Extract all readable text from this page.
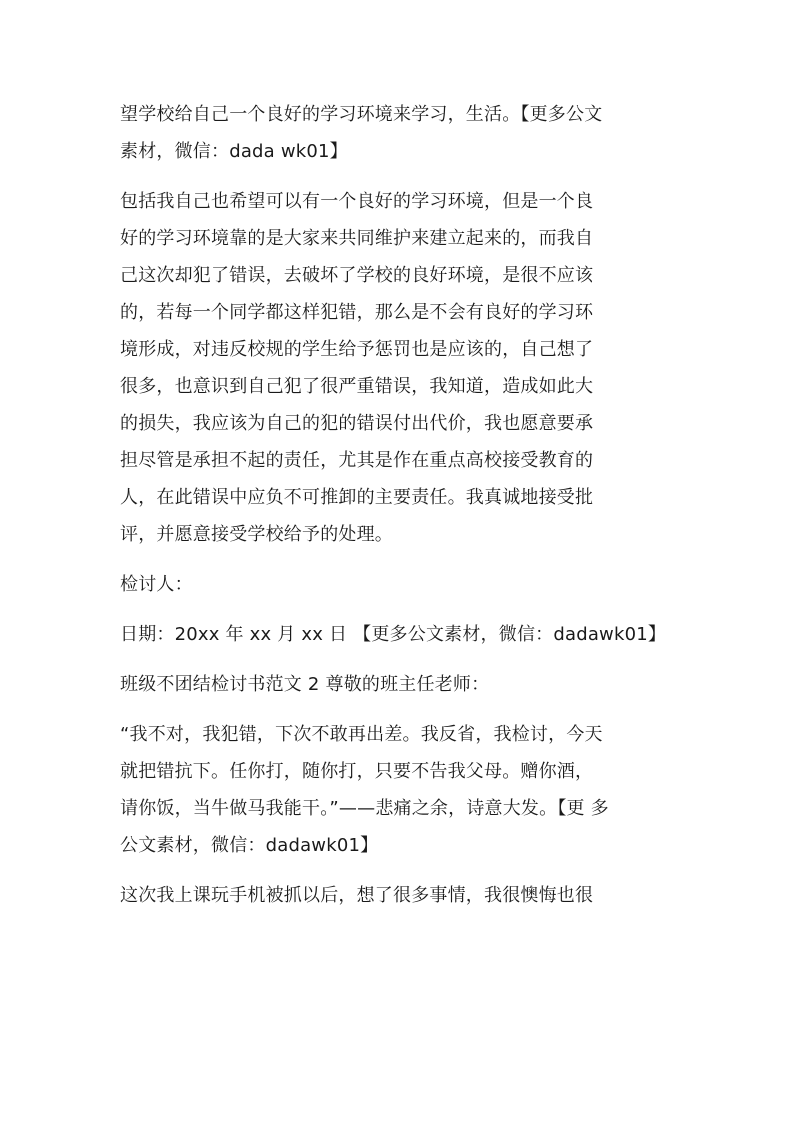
望学校给自己一个良好的学习环境来学习，生活。【更多公文
素材，微信：dada wk01】

包括我自己也希望可以有一个良好的学习环境，但是一个良
好的学习环境靠的是大家来共同维护来建立起来的，而我自
己这次却犯了错误，去破坏了学校的良好环境，是很不应该
的，若每一个同学都这样犯错，那么是不会有良好的学习环
境形成，对违反校规的学生给予惩罚也是应该的，自己想了
很多，也意识到自己犯了很严重错误，我知道，造成如此大
的损失，我应该为自己的犯的错误付出代价，我也愿意要承
担尽管是承担不起的责任，尤其是作在重点高校接受教育的
人，在此错误中应负不可推卸的主要责任。我真诚地接受批
评，并愿意接受学校给予的处理。

检讨人：

日期：20xx 年 xx 月 xx 日 【更多公文素材，微信：dadawk01】

班级不团结检讨书范文 2 尊敬的班主任老师：

“我不对，我犯错，下次不敢再出差。我反省，我检讨，今天
就把错抗下。任你打，随你打，只要不告我父母。赠你酒，
请你饭，当牛做马我能干。”——悲痛之余，诗意大发。【更 多
公文素材，微信：dadawk01】

这次我上课玩手机被抓以后，想了很多事情，我很懊悔也很
